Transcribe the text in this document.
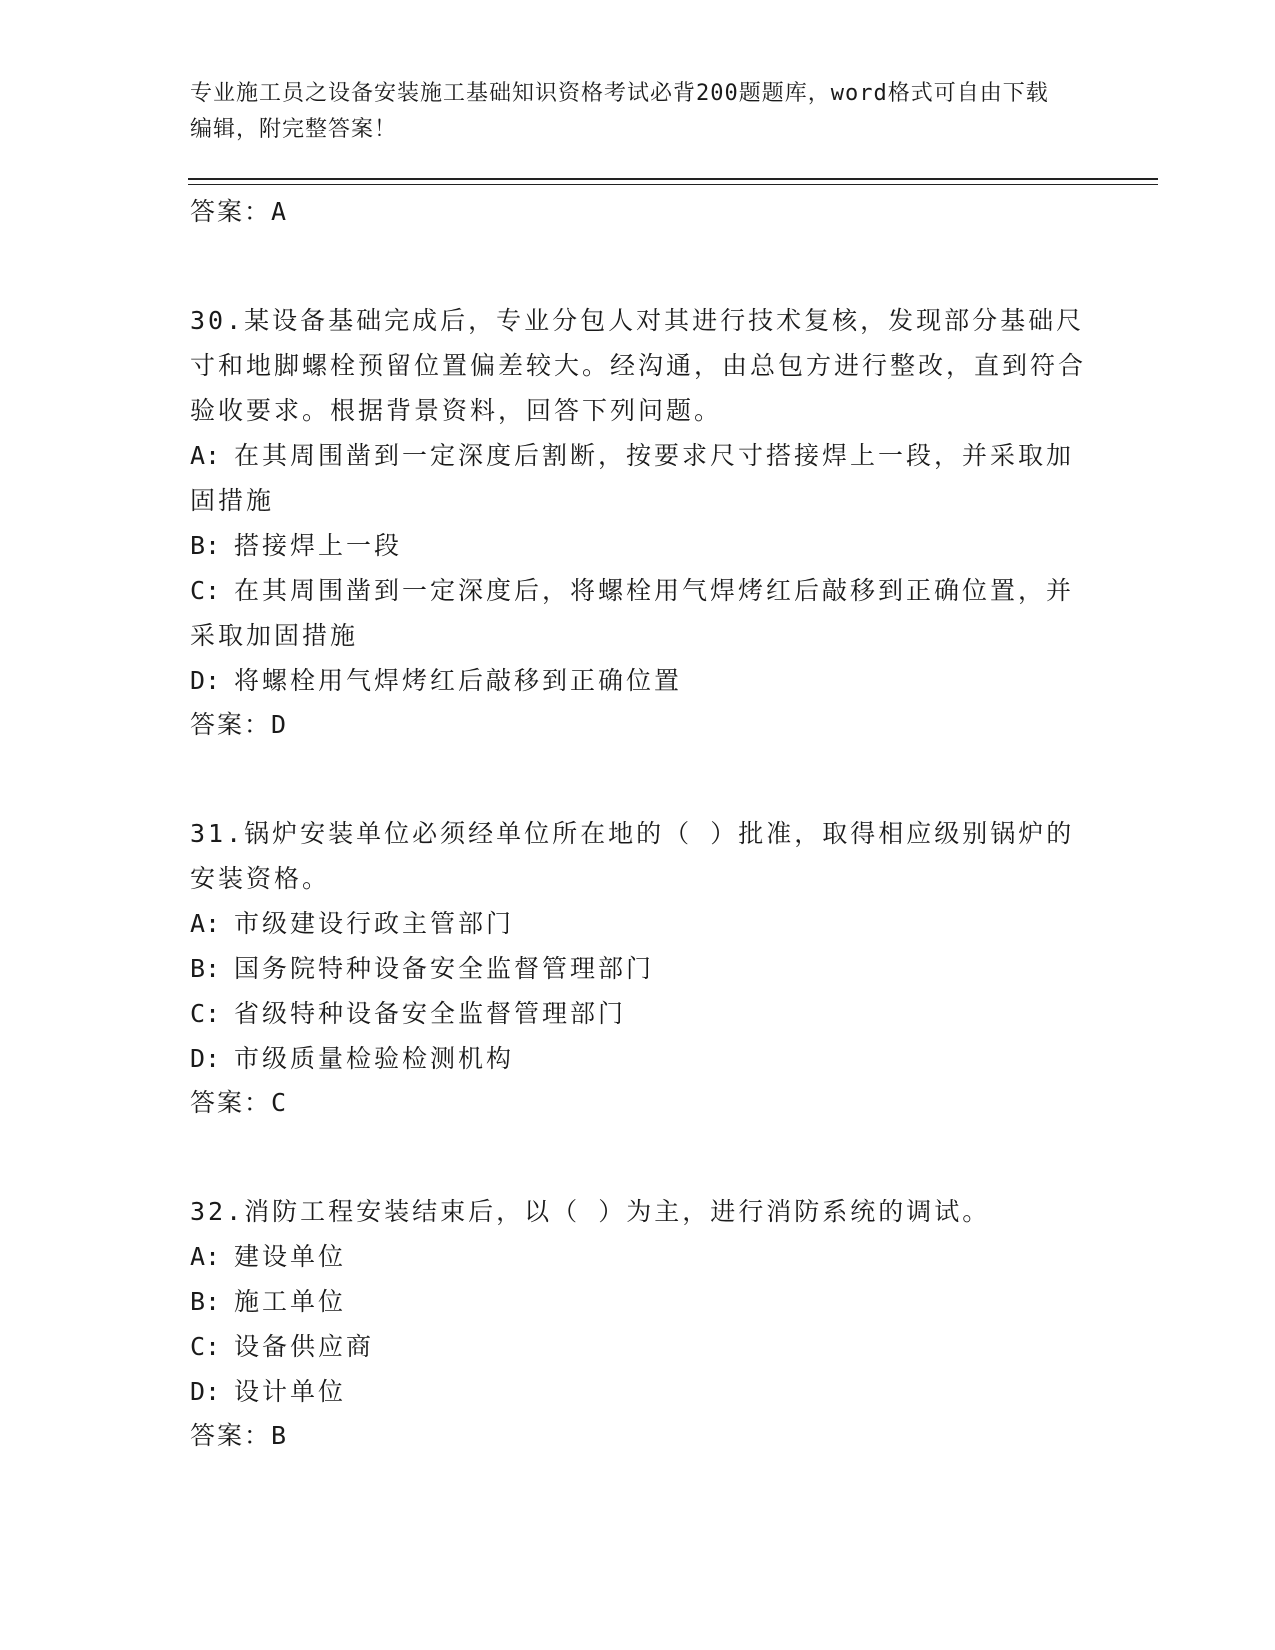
专业施工员之设备安装施工基础知识资格考试必背200题题库，word格式可自由下载编辑，附完整答案！
答案：A
30.某设备基础完成后，专业分包人对其进行技术复核，发现部分基础尺寸和地脚螺栓预留位置偏差较大。经沟通，由总包方进行整改，直到符合验收要求。根据背景资料，回答下列问题。
A: 在其周围凿到一定深度后割断，按要求尺寸搭接焊上一段，并采取加固措施
B: 搭接焊上一段
C: 在其周围凿到一定深度后，将螺栓用气焊烤红后敲移到正确位置，并采取加固措施
D: 将螺栓用气焊烤红后敲移到正确位置
答案：D
31.锅炉安装单位必须经单位所在地的（ ）批准，取得相应级别锅炉的安装资格。
A: 市级建设行政主管部门
B: 国务院特种设备安全监督管理部门
C: 省级特种设备安全监督管理部门
D: 市级质量检验检测机构
答案：C
32.消防工程安装结束后，以（ ）为主，进行消防系统的调试。
A: 建设单位
B: 施工单位
C: 设备供应商
D: 设计单位
答案：B
